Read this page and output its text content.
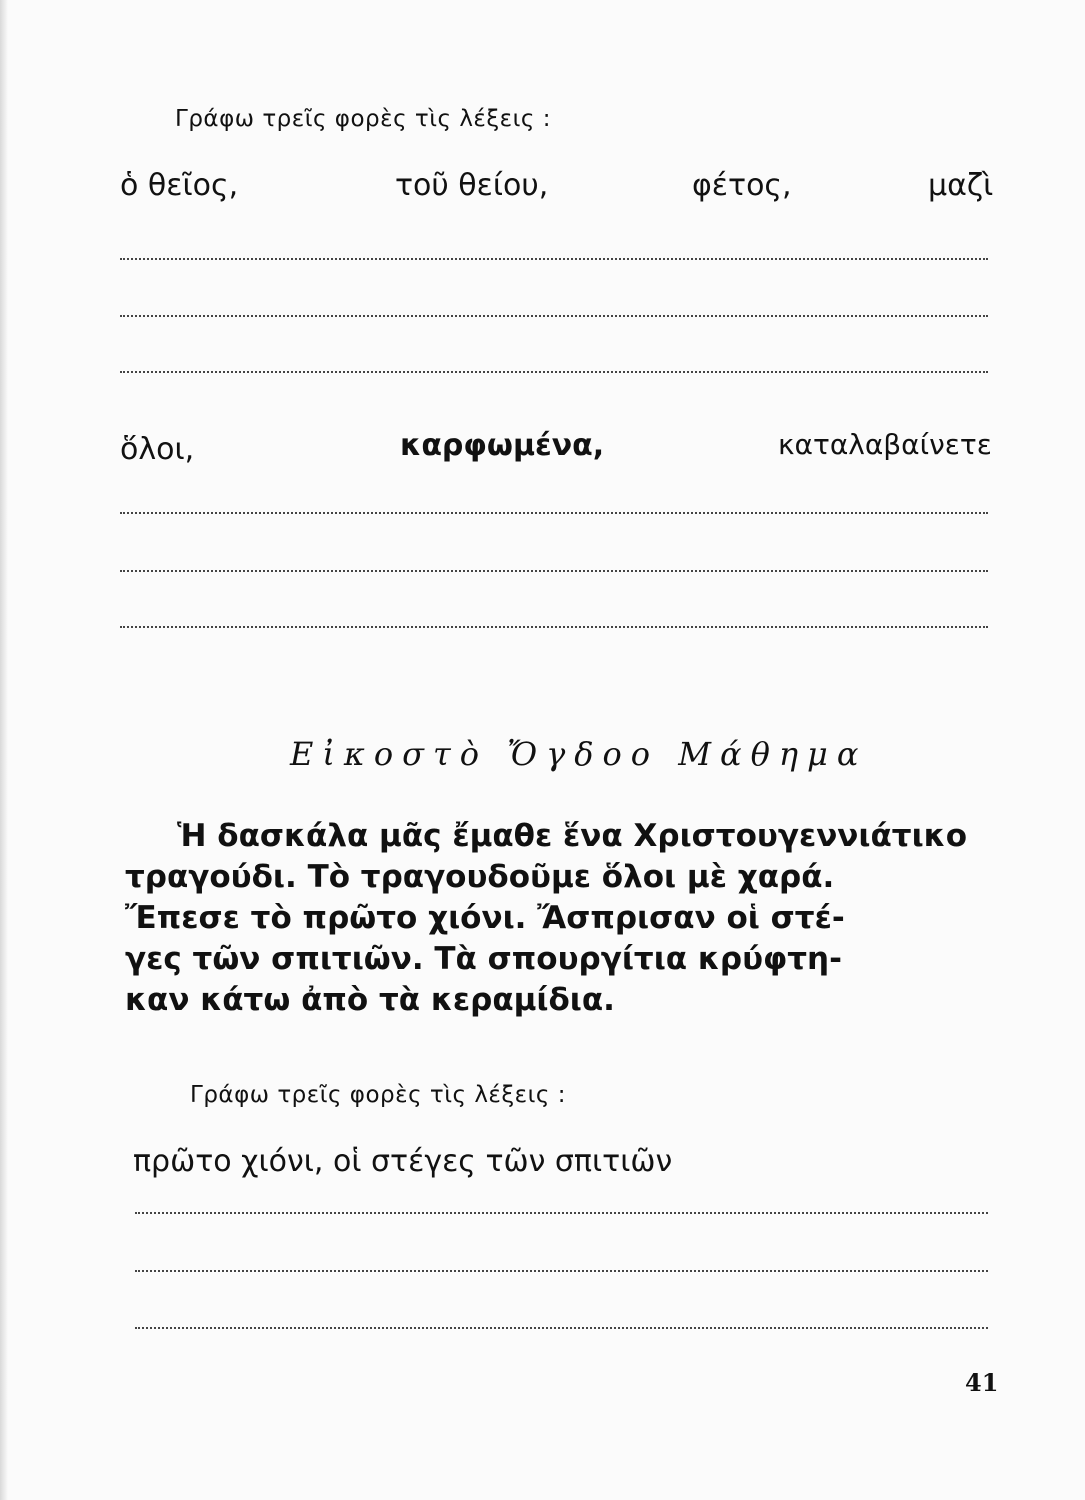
Γράφω τρεῖς φορὲς τὶς λέξεις :
ὁ θεῖος,	τοῦ θείου,	φέτος,	μαζὶ
ὅλοι,	καρφωμένα,	καταλαβαίνετε
Εἰκοστὸ Ὄγδοο Μάθημα
Ἡ δασκάλα μᾶς ἔμαθε ἕνα Χριστουγεννιάτικο
τραγούδι. Τὸ τραγουδοῦμε ὅλοι μὲ χαρά.
Ἔπεσε τὸ πρῶτο χιόνι. Ἄσπρισαν οἱ στέ-
γες τῶν σπιτιῶν. Τὰ σπουργίτια κρύφτη-
καν κάτω ἀπὸ τὰ κεραμίδια.
Γράφω τρεῖς φορὲς τὶς λέξεις :
πρῶτο χιόνι, οἱ στέγες τῶν σπιτιῶν
41
